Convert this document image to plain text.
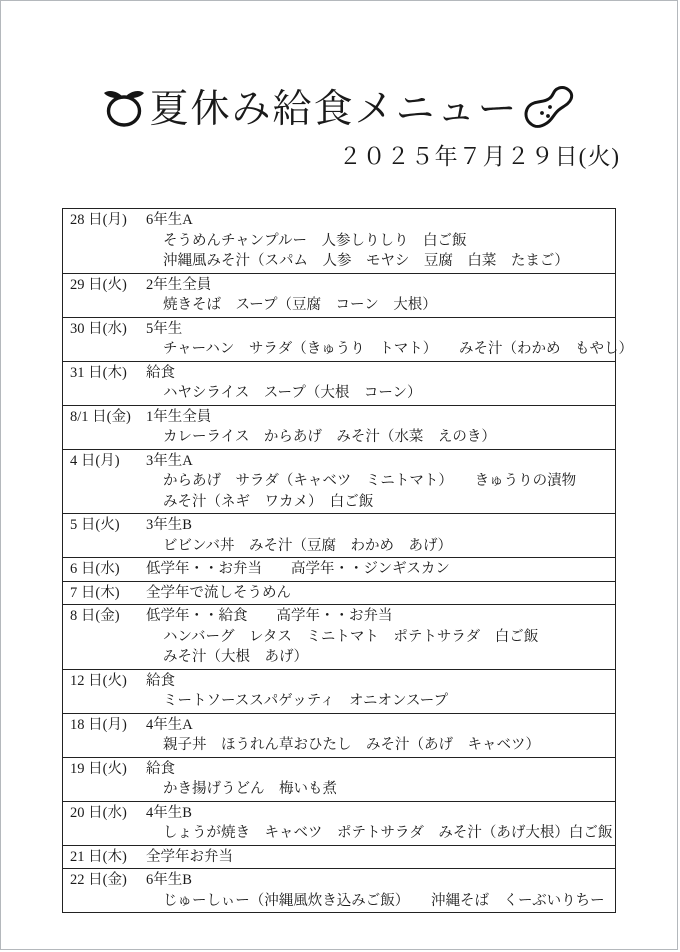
夏休み給食メニュー
２０２５年７月２９日(火)
28 日(月)	6年生A
そうめんチャンプルー　人参しりしり　白ご飯
沖縄風みそ汁（スパム　人参　モヤシ　豆腐　白菜　たまご）
29 日(火)	2年生全員
焼きそば　スープ（豆腐　コーン　大根）
30 日(水)	5年生
チャーハン　サラダ（きゅうり　トマト）　　みそ汁（わかめ　もやし）
31 日(木)	給食
ハヤシライス　スープ（大根　コーン）
8/1 日(金)	1年生全員
カレーライス　からあげ　みそ汁（水菜　えのき）
4 日(月)	3年生A
からあげ　サラダ（キャベツ　ミニトマト）　　きゅうりの漬物
みそ汁（ネギ　ワカメ）　白ご飯
5 日(火)	3年生B
ビビンバ丼　みそ汁（豆腐　わかめ　あげ）
6 日(水)	低学年・・お弁当　　高学年・・ジンギスカン
7 日(木)	全学年で流しそうめん
8 日(金)	低学年・・給食　　高学年・・お弁当
ハンバーグ　レタス　ミニトマト　ポテトサラダ　白ご飯
みそ汁（大根　あげ）
12 日(火)	給食
ミートソーススパゲッティ　オニオンスープ
18 日(月)	4年生A
親子丼　ほうれん草おひたし　みそ汁（あげ　キャベツ）
19 日(火)	給食
かき揚げうどん　梅いも煮
20 日(水)	4年生B
しょうが焼き　キャベツ　ポテトサラダ　みそ汁（あげ大根）白ご飯
21 日(木)	全学年お弁当
22 日(金)	6年生B
じゅーしぃー（沖縄風炊き込みご飯）　　沖縄そば　くーぶいりちー
